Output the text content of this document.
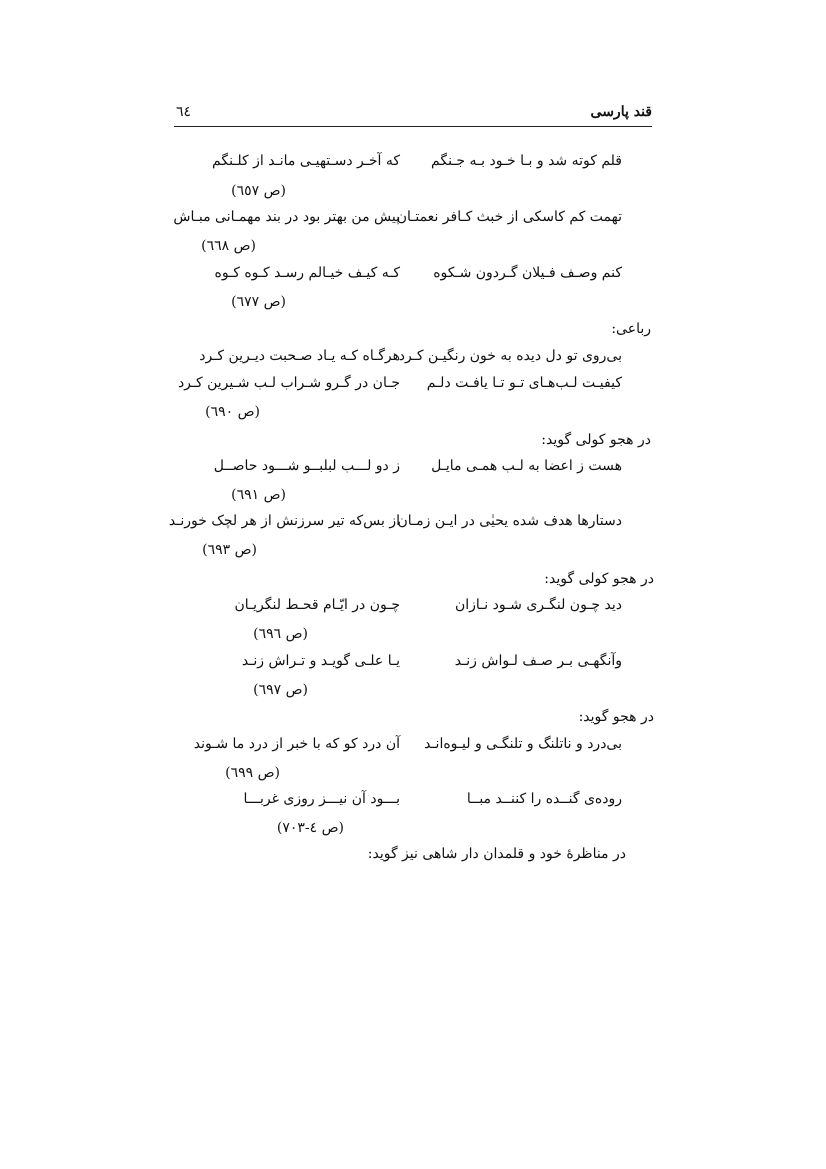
قند پارسی
٦٤
قلم کوته شد و بـا خـود بـه جـنگم
که آخـر دسـتهیـی مانـد از کلـنگم
(ص ٦٥٧)
تهمت کم کاسکی از خبث کـافر نعمتـان
پیش من بهتر بود در بند مهمـانی مبـاش
(ص ٦٦٨)
کنم وصـف فـیلان گـردون شـکوه
کـه کیـف خیـالم رسـد کـوه کـوه
(ص ٦٧٧)
رباعی:
بی‌روی تو دل دیده به خون رنگیـن کـرد
هرگـاه کـه یـاد صـحبت دیـرین کـرد
کیفیـت لـب‌هـای تـو تـا یافـت دلـم
جـان در گـرو شـراب لـب شـیرین کـرد
(ص ٦٩٠)
در هجو کولی گوید:
هست ز اعضا به لـب همـی مایـل
ز دو لـــب لبلبــو شـــود حاصــل
(ص ٦٩١)
دستارها هدف شده یحیٰی در ایـن زمـان
از بس‌که تیر سرزنش از هر لچک خورنـد
(ص ٦٩٣)
در هجو کولی گوید:
دید چـون لنگـری شـود نـازان
چـون در ایّـام قحـط لنگریـان
(ص ٦٩٦)
وآنگهـی بـر صـف لـواش زنـد
یـا علـی گویـد و تـراش زنـد
(ص ٦٩٧)
در هجو گوید:
بی‌درد و ناتلنگ و تلنگـی و لیـوه‌انـد
آن درد کو که با خبر از درد ما شـوند
(ص ٦٩٩)
روده‌ی گنــده را کننــد مبــا
بـــود آن نیـــز روزی غربـــا
(ص ٤-٧٠٣)
در مناظرهٔ خود و قلمدان دار شاهی نیز گوید:
